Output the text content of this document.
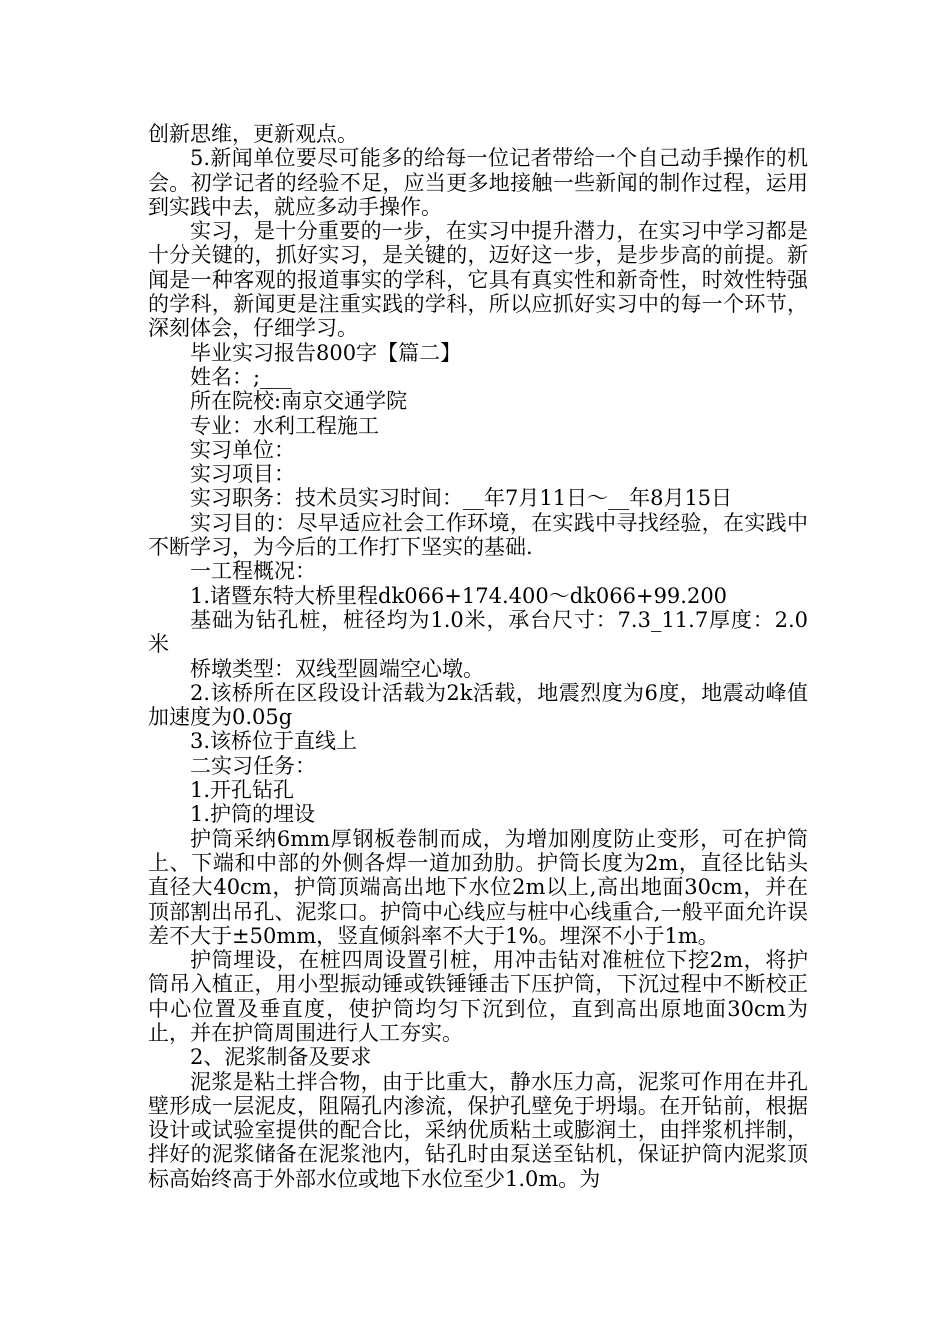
创新思维，更新观点。

5.新闻单位要尽可能多的给每一位记者带给一个自己动手操作的机会。初学记者的经验不足，应当更多地接触一些新闻的制作过程，运用到实践中去，就应多动手操作。

实习，是十分重要的一步，在实习中提升潜力，在实习中学习都是十分关键的，抓好实习，是关键的，迈好这一步，是步步高的前提。新闻是一种客观的报道事实的学科，它具有真实性和新奇性，时效性特强的学科，新闻更是注重实践的学科，所以应抓好实习中的每一个环节，深刻体会，仔细学习。

毕业实习报告800字【篇二】

姓名：;___

所在院校:南京交通学院

专业：水利工程施工

实习单位：

实习项目：

实习职务：技术员实习时间：__年7月11日～__年8月15日

实习目的：尽早适应社会工作环境，在实践中寻找经验，在实践中不断学习，为今后的工作打下坚实的基础.

一工程概况：

1.诸暨东特大桥里程dk066+174.400～dk066+99.200

基础为钻孔桩，桩径均为1.0米，承台尺寸：7.3_11.7厚度：2.0米

桥墩类型：双线型圆端空心墩。

2.该桥所在区段设计活载为2k活载，地震烈度为6度，地震动峰值加速度为0.05g

3.该桥位于直线上

二实习任务：

1.开孔钻孔

1.护筒的埋设

护筒采纳6mm厚钢板卷制而成，为增加刚度防止变形，可在护筒上、下端和中部的外侧各焊一道加劲肋。护筒长度为2m，直径比钻头直径大40cm，护筒顶端高出地下水位2m以上,高出地面30cm，并在顶部割出吊孔、泥浆口。护筒中心线应与桩中心线重合,一般平面允许误差不大于±50mm，竖直倾斜率不大于1%。埋深不小于1m。

护筒埋设，在桩四周设置引桩，用冲击钻对准桩位下挖2m，将护筒吊入植正，用小型振动锤或铁锤锤击下压护筒，下沉过程中不断校正中心位置及垂直度，使护筒均匀下沉到位，直到高出原地面30cm为止，并在护筒周围进行人工夯实。

2、泥浆制备及要求

泥浆是粘土拌合物，由于比重大，静水压力高，泥浆可作用在井孔壁形成一层泥皮，阻隔孔内渗流，保护孔壁免于坍塌。在开钻前，根据设计或试验室提供的配合比，采纳优质粘土或膨润土，由拌浆机拌制，拌好的泥浆储备在泥浆池内，钻孔时由泵送至钻机，保证护筒内泥浆顶标高始终高于外部水位或地下水位至少1.0m。为
